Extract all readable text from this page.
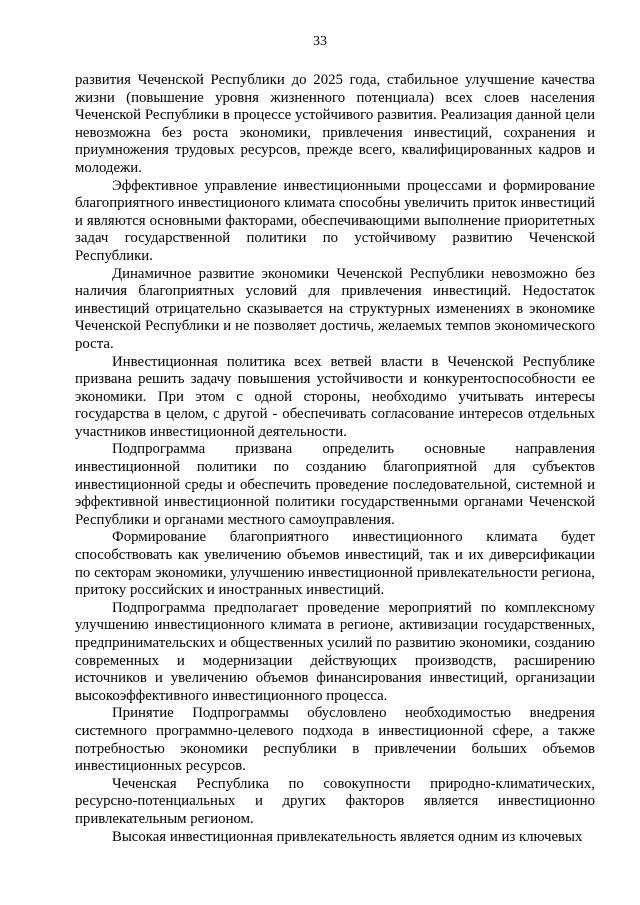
33

развития Чеченской Республики до 2025 года, стабильное улучшение качества жизни (повышение уровня жизненного потенциала) всех слоев населения Чеченской Республики в процессе устойчивого развития. Реализация данной цели невозможна без роста экономики, привлечения инвестиций, сохранения и приумножения трудовых ресурсов, прежде всего, квалифицированных кадров и молодежи.

Эффективное управление инвестиционными процессами и формирование благоприятного инвестиционого климата способны увеличить приток инвестиций и являются основными факторами, обеспечивающими выполнение приоритетных задач государственной политики по устойчивому развитию Чеченской Республики.

Динамичное развитие экономики Чеченской Республики невозможно без наличия благоприятных условий для привлечения инвестиций. Недостаток инвестиций отрицательно сказывается на структурных изменениях в экономике Чеченской Республики и не позволяет достичь, желаемых темпов экономического роста.

Инвестиционная политика всех ветвей власти в Чеченской Республике призвана решить задачу повышения устойчивости и конкурентоспособности ее экономики. При этом с одной стороны, необходимо учитывать интересы государства в целом, с другой - обеспечивать согласование интересов отдельных участников инвестиционной деятельности.

Подпрограмма призвана определить основные направления инвестиционной политики по созданию благоприятной для субъектов инвестиционной среды и обеспечить проведение последовательной, системной и эффективной инвестиционной политики государственными органами Чеченской Республики и органами местного самоуправления.

Формирование благоприятного инвестиционного климата будет способствовать как увеличению объемов инвестиций, так и их диверсификации по секторам экономики, улучшению инвестиционной привлекательности региона, притоку российских и иностранных инвестиций.

Подпрограмма предполагает проведение мероприятий по комплексному улучшению инвестиционного климата в регионе, активизации государственных, предпринимательских и общественных усилий по развитию экономики, созданию современных и модернизации действующих производств, расширению источников и увеличению объемов финансирования инвестиций, организации высокоэффективного инвестиционного процесса.

Принятие Подпрограммы обусловлено необходимостью внедрения системного программно-целевого подхода в инвестиционной сфере, а также потребностью экономики республики в привлечении больших объемов инвестиционных ресурсов.

Чеченская Республика по совокупности природно-климатических, ресурсно-потенциальных и других факторов является инвестиционно привлекательным регионом.

Высокая инвестиционная привлекательность является одним из ключевых
